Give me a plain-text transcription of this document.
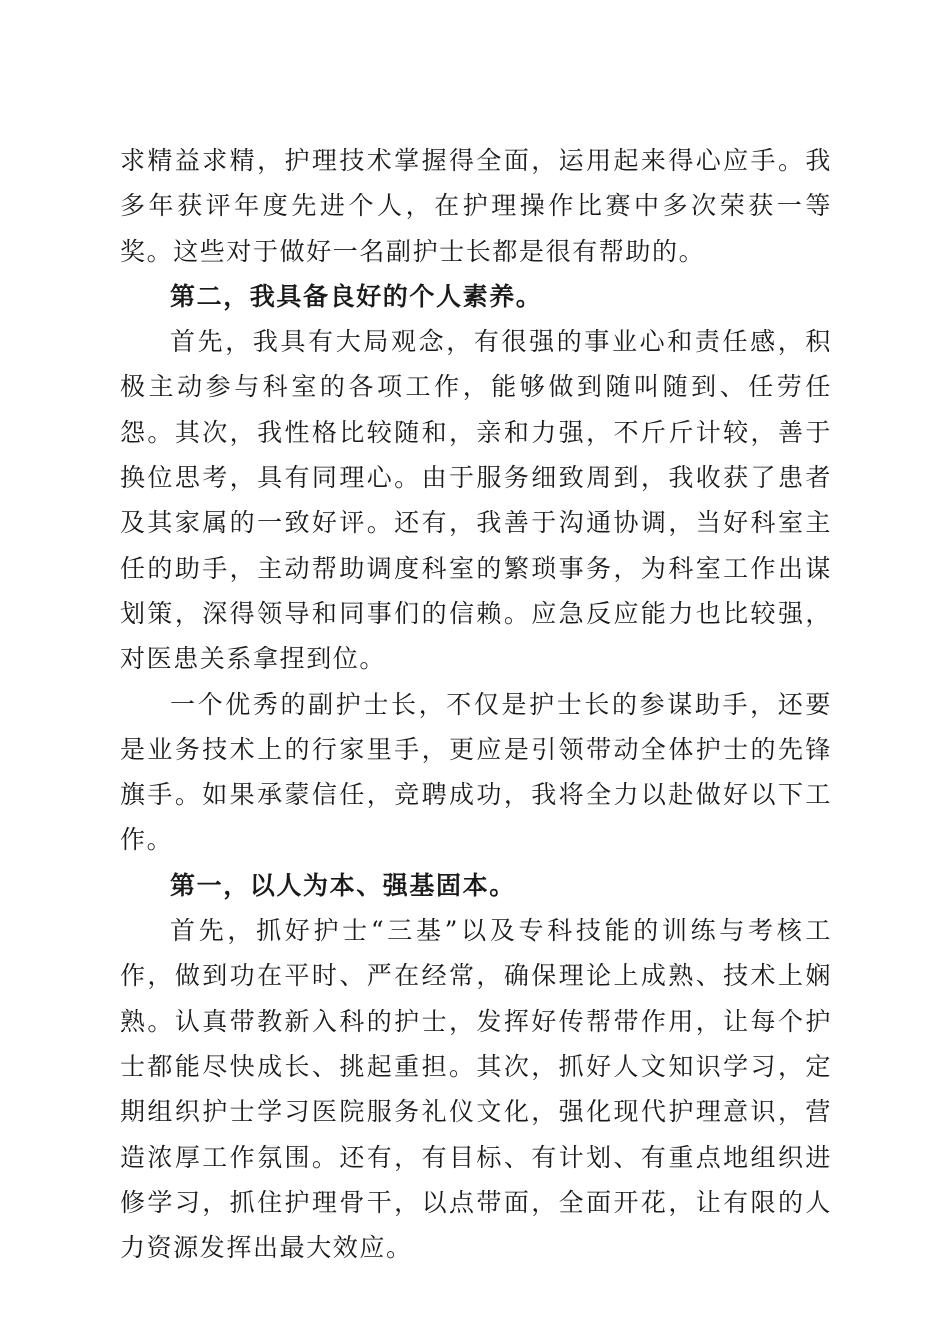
求精益求精，护理技术掌握得全面，运用起来得心应手。我多年获评年度先进个人，在护理操作比赛中多次荣获一等奖。这些对于做好一名副护士长都是很有帮助的。

第二，我具备良好的个人素养。

首先，我具有大局观念，有很强的事业心和责任感，积极主动参与科室的各项工作，能够做到随叫随到、任劳任怨。其次，我性格比较随和，亲和力强，不斤斤计较，善于换位思考，具有同理心。由于服务细致周到，我收获了患者及其家属的一致好评。还有，我善于沟通协调，当好科室主任的助手，主动帮助调度科室的繁琐事务，为科室工作出谋划策，深得领导和同事们的信赖。应急反应能力也比较强，对医患关系拿捏到位。

一个优秀的副护士长，不仅是护士长的参谋助手，还要是业务技术上的行家里手，更应是引领带动全体护士的先锋旗手。如果承蒙信任，竞聘成功，我将全力以赴做好以下工作。

第一，以人为本、强基固本。

首先，抓好护士“三基”以及专科技能的训练与考核工作，做到功在平时、严在经常，确保理论上成熟、技术上娴熟。认真带教新入科的护士，发挥好传帮带作用，让每个护士都能尽快成长、挑起重担。其次，抓好人文知识学习，定期组织护士学习医院服务礼仪文化，强化现代护理意识，营造浓厚工作氛围。还有，有目标、有计划、有重点地组织进修学习，抓住护理骨干，以点带面，全面开花，让有限的人力资源发挥出最大效应。
